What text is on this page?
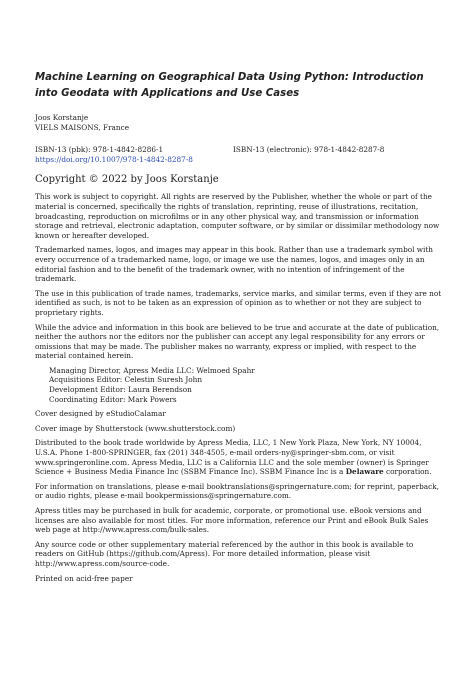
Machine Learning on Geographical Data Using Python: Introduction into Geodata with Applications and Use Cases
Joos Korstanje
VIELS MAISONS, France
ISBN-13 (pbk): 978-1-4842-8286-1	ISBN-13 (electronic): 978-1-4842-8287-8
https://doi.org/10.1007/978-1-4842-8287-8
Copyright © 2022 by Joos Korstanje

This work is subject to copyright. All rights are reserved by the Publisher, whether the whole or part of the material is concerned, specifically the rights of translation, reprinting, reuse of illustrations, recitation, broadcasting, reproduction on microfilms or in any other physical way, and transmission or information storage and retrieval, electronic adaptation, computer software, or by similar or dissimilar methodology now known or hereafter developed.

Trademarked names, logos, and images may appear in this book. Rather than use a trademark symbol with every occurrence of a trademarked name, logo, or image we use the names, logos, and images only in an editorial fashion and to the benefit of the trademark owner, with no intention of infringement of the trademark.

The use in this publication of trade names, trademarks, service marks, and similar terms, even if they are not identified as such, is not to be taken as an expression of opinion as to whether or not they are subject to proprietary rights.

While the advice and information in this book are believed to be true and accurate at the date of publication, neither the authors nor the editors nor the publisher can accept any legal responsibility for any errors or omissions that may be made. The publisher makes no warranty, express or implied, with respect to the material contained herein.

Managing Director, Apress Media LLC: Welmoed Spahr
Acquisitions Editor: Celestin Suresh John
Development Editor: Laura Berendson
Coordinating Editor: Mark Powers

Cover designed by eStudioCalamar

Cover image by Shutterstock (www.shutterstock.com)

Distributed to the book trade worldwide by Apress Media, LLC, 1 New York Plaza, New York, NY 10004, U.S.A. Phone 1-800-SPRINGER, fax (201) 348-4505, e-mail orders-ny@springer-sbm.com, or visit www.springeronline.com. Apress Media, LLC is a California LLC and the sole member (owner) is Springer Science + Business Media Finance Inc (SSBM Finance Inc). SSBM Finance Inc is a Delaware corporation.

For information on translations, please e-mail booktranslations@springernature.com; for reprint, paperback, or audio rights, please e-mail bookpermissions@springernature.com.

Apress titles may be purchased in bulk for academic, corporate, or promotional use. eBook versions and licenses are also available for most titles. For more information, reference our Print and eBook Bulk Sales web page at http://www.apress.com/bulk-sales.

Any source code or other supplementary material referenced by the author in this book is available to readers on GitHub (https://github.com/Apress). For more detailed information, please visit http://www.apress.com/source-code.

Printed on acid-free paper
